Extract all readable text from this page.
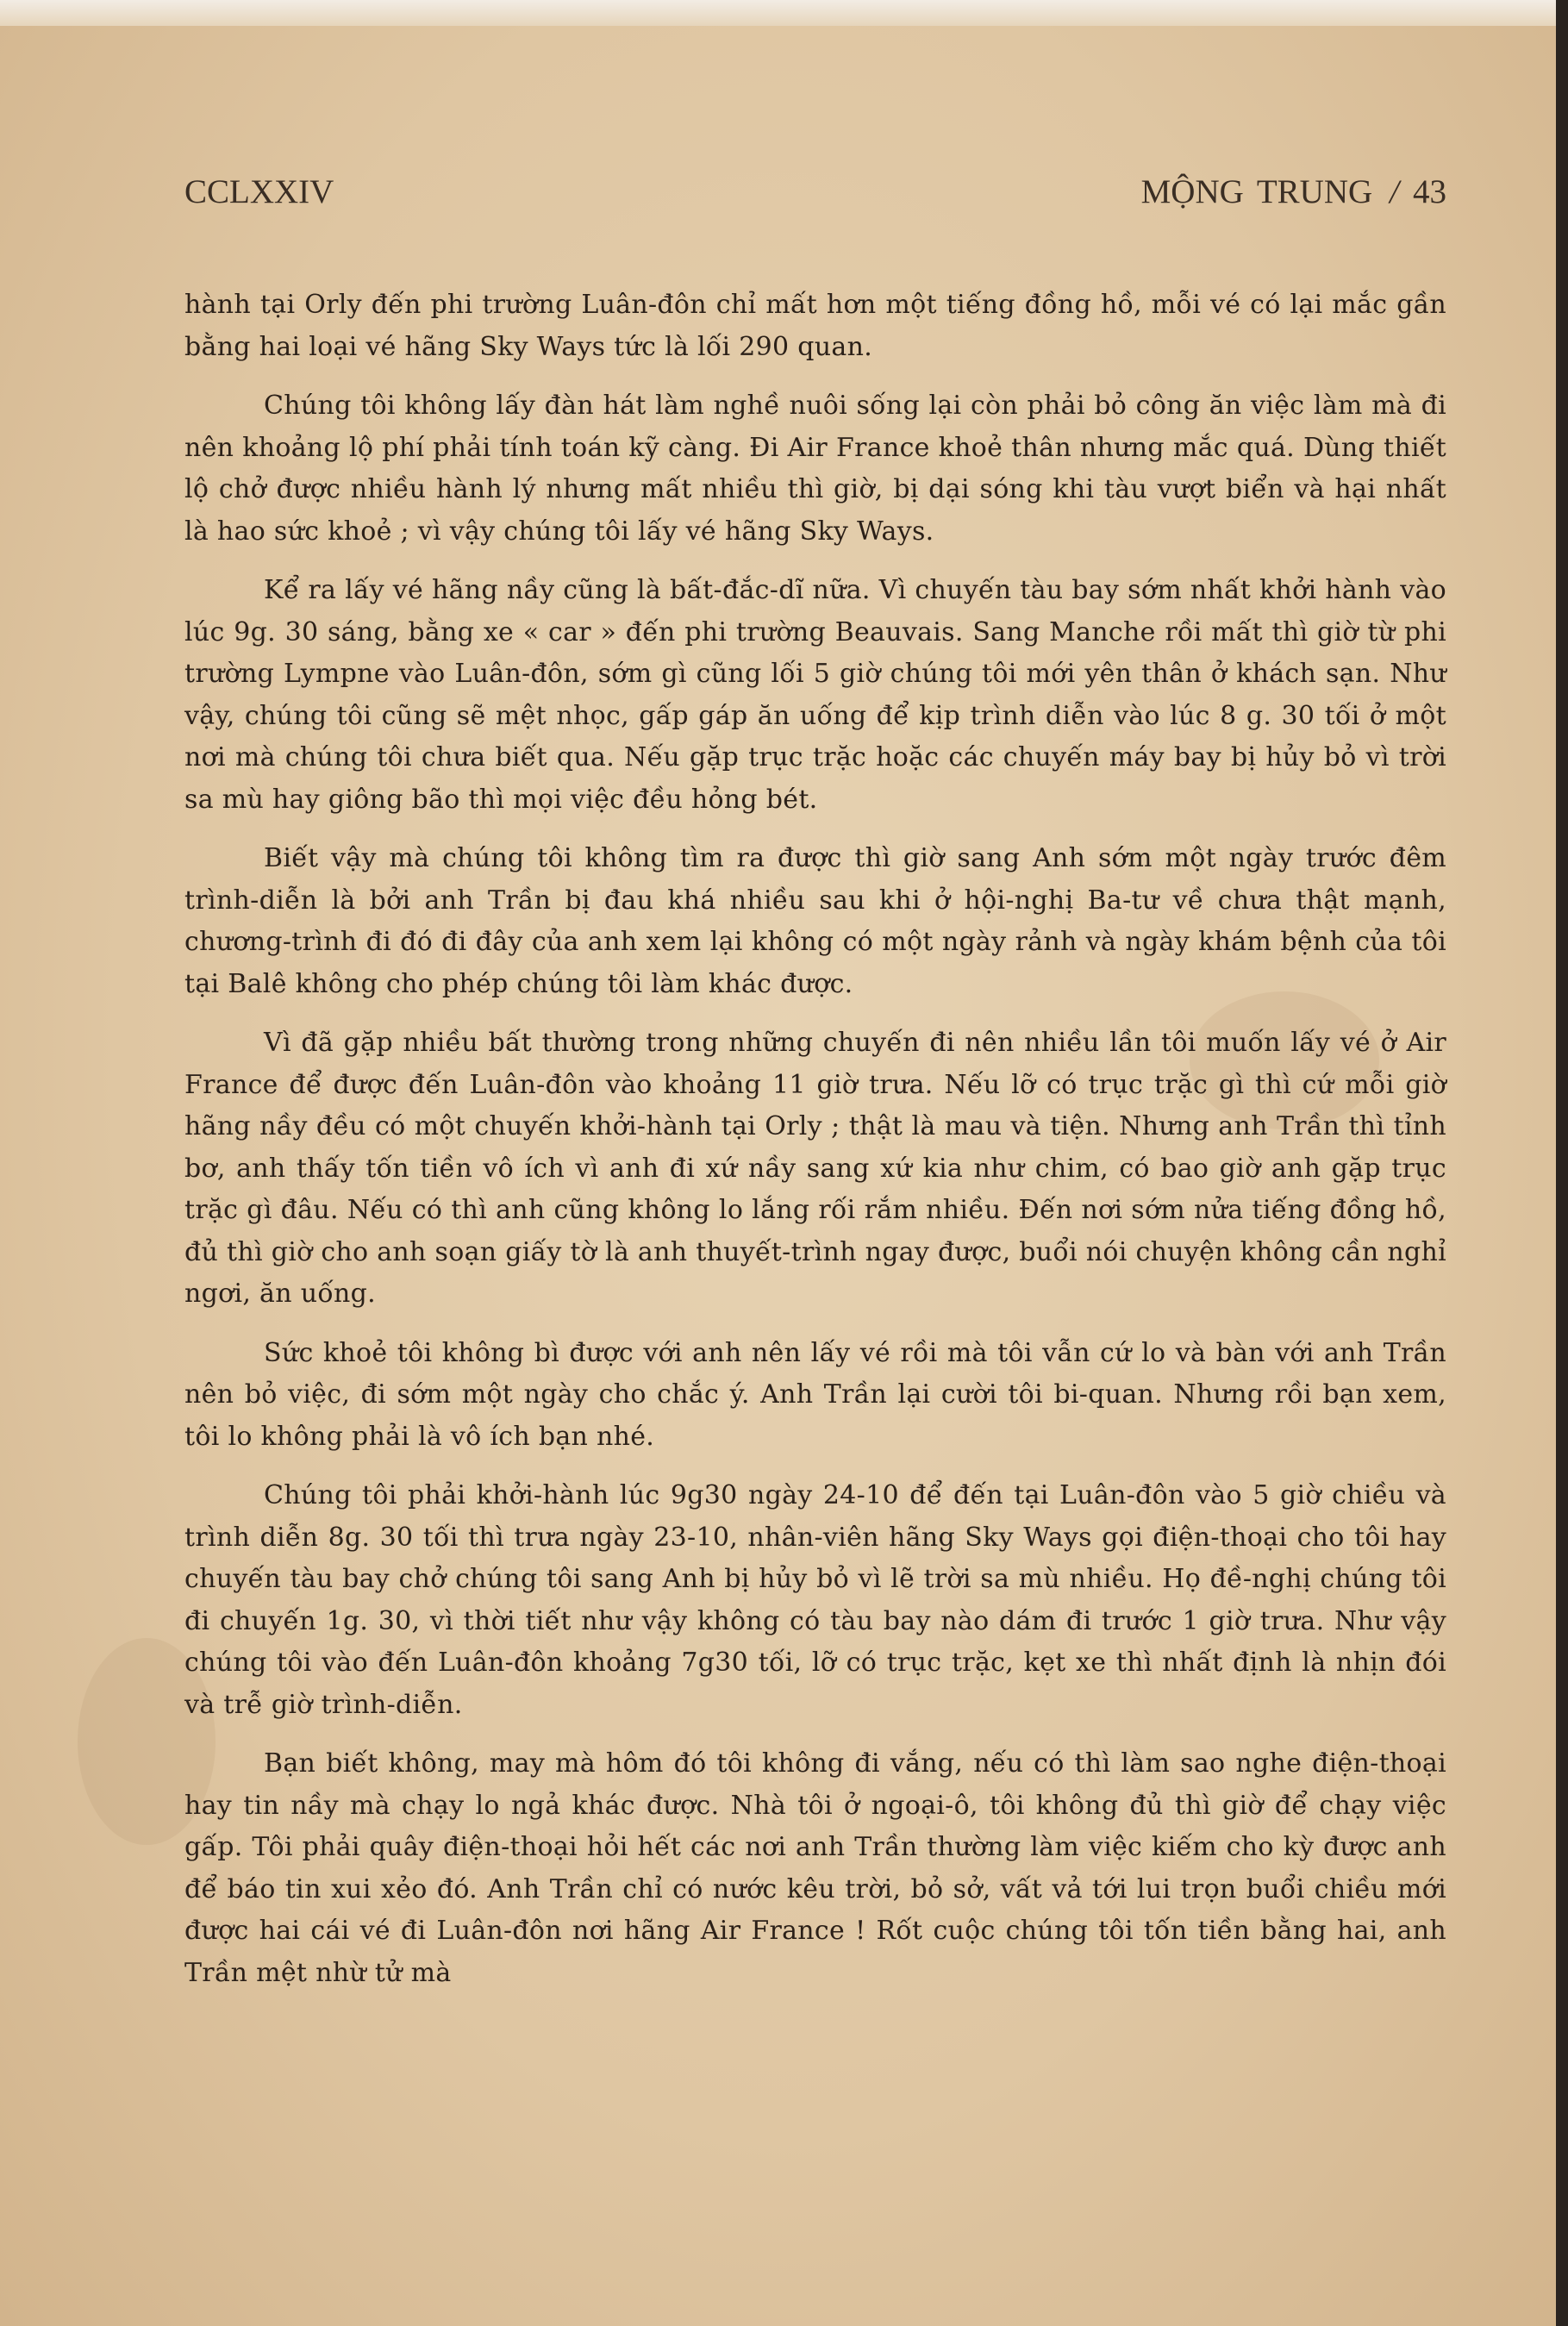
CCLXXIV	MỘNG TRUNG / 43

hành tại Orly đến phi trường Luân-đôn chỉ mất hơn một tiếng đồng hồ, mỗi vé có lại mắc gần bằng hai loại vé hãng Sky Ways tức là lối 290 quan.

Chúng tôi không lấy đàn hát làm nghề nuôi sống lại còn phải bỏ công ăn việc làm mà đi nên khoảng lộ phí phải tính toán kỹ càng. Đi Air France khoẻ thân nhưng mắc quá. Dùng thiết lộ chở được nhiều hành lý nhưng mất nhiều thì giờ, bị dại sóng khi tàu vượt biển và hại nhất là hao sức khoẻ ; vì vậy chúng tôi lấy vé hãng Sky Ways.

Kể ra lấy vé hãng nầy cũng là bất-đắc-dĩ nữa. Vì chuyến tàu bay sớm nhất khởi hành vào lúc 9g. 30 sáng, bằng xe « car » đến phi trường Beauvais. Sang Manche rồi mất thì giờ từ phi trường Lympne vào Luân-đôn, sớm gì cũng lối 5 giờ chúng tôi mới yên thân ở khách sạn. Như vậy, chúng tôi cũng sẽ mệt nhọc, gấp gáp ăn uống để kịp trình diễn vào lúc 8 g. 30 tối ở một nơi mà chúng tôi chưa biết qua. Nếu gặp trục trặc hoặc các chuyến máy bay bị hủy bỏ vì trời sa mù hay giông bão thì mọi việc đều hỏng bét.

Biết vậy mà chúng tôi không tìm ra được thì giờ sang Anh sớm một ngày trước đêm trình-diễn là bởi anh Trần bị đau khá nhiều sau khi ở hội-nghị Ba-tư về chưa thật mạnh, chương-trình đi đó đi đây của anh xem lại không có một ngày rảnh và ngày khám bệnh của tôi tại Balê không cho phép chúng tôi làm khác được.

Vì đã gặp nhiều bất thường trong những chuyến đi nên nhiều lần tôi muốn lấy vé ở Air France để được đến Luân-đôn vào khoảng 11 giờ trưa. Nếu lỡ có trục trặc gì thì cứ mỗi giờ hãng nầy đều có một chuyến khởi-hành tại Orly ; thật là mau và tiện. Nhưng anh Trần thì tỉnh bơ, anh thấy tốn tiền vô ích vì anh đi xứ nầy sang xứ kia như chim, có bao giờ anh gặp trục trặc gì đâu. Nếu có thì anh cũng không lo lắng rối rắm nhiều. Đến nơi sớm nửa tiếng đồng hồ, đủ thì giờ cho anh soạn giấy tờ là anh thuyết-trình ngay được, buổi nói chuyện không cần nghỉ ngơi, ăn uống.

Sức khoẻ tôi không bì được với anh nên lấy vé rồi mà tôi vẫn cứ lo và bàn với anh Trần nên bỏ việc, đi sớm một ngày cho chắc ý. Anh Trần lại cười tôi bi-quan. Nhưng rồi bạn xem, tôi lo không phải là vô ích bạn nhé.

Chúng tôi phải khởi-hành lúc 9g30 ngày 24-10 để đến tại Luân-đôn vào 5 giờ chiều và trình diễn 8g. 30 tối thì trưa ngày 23-10, nhân-viên hãng Sky Ways gọi điện-thoại cho tôi hay chuyến tàu bay chở chúng tôi sang Anh bị hủy bỏ vì lẽ trời sa mù nhiều. Họ đề-nghị chúng tôi đi chuyến 1g. 30, vì thời tiết như vậy không có tàu bay nào dám đi trước 1 giờ trưa. Như vậy chúng tôi vào đến Luân-đôn khoảng 7g30 tối, lỡ có trục trặc, kẹt xe thì nhất định là nhịn đói và trễ giờ trình-diễn.

Bạn biết không, may mà hôm đó tôi không đi vắng, nếu có thì làm sao nghe điện-thoại hay tin nầy mà chạy lo ngả khác được. Nhà tôi ở ngoại-ô, tôi không đủ thì giờ để chạy việc gấp. Tôi phải quây điện-thoại hỏi hết các nơi anh Trần thường làm việc kiếm cho kỳ được anh để báo tin xui xẻo đó. Anh Trần chỉ có nước kêu trời, bỏ sở, vất vả tới lui trọn buổi chiều mới được hai cái vé đi Luân-đôn nơi hãng Air France ! Rốt cuộc chúng tôi tốn tiền bằng hai, anh Trần mệt nhừ tử mà
